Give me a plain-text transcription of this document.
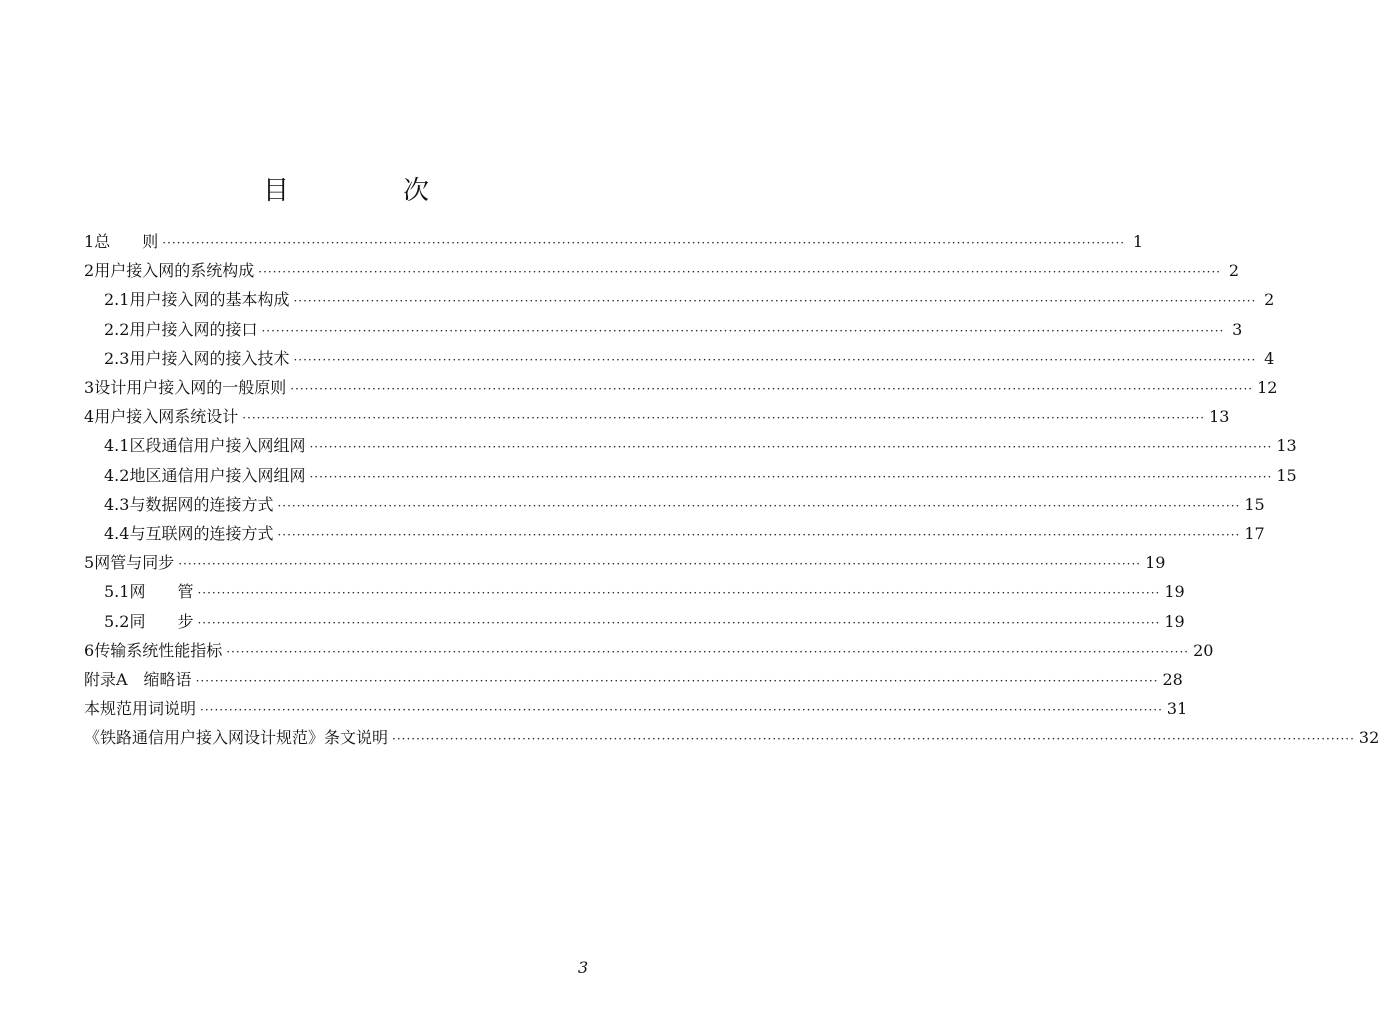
目　次
1 总　　则 ········································································································································································································ 1
2 用户接入网的系统构成 ········································································································································································································ 2
2.1 用户接入网的基本构成 ········································································································································································································ 2
2.2 用户接入网的接口 ········································································································································································································ 3
2.3 用户接入网的接入技术 ········································································································································································································ 4
3 设计用户接入网的一般原则 ········································································································································································································ 12
4 用户接入网系统设计 ········································································································································································································ 13
4.1 区段通信用户接入网组网 ········································································································································································································ 13
4.2 地区通信用户接入网组网 ········································································································································································································ 15
4.3 与数据网的连接方式 ········································································································································································································ 15
4.4 与互联网的连接方式 ········································································································································································································ 17
5 网管与同步 ········································································································································································································ 19
5.1 网　　管 ········································································································································································································ 19
5.2 同　　步 ········································································································································································································ 19
6 传输系统性能指标 ········································································································································································································ 20
附录A　缩略语 ········································································································································································································ 28
本规范用词说明 ········································································································································································································ 31
《铁路通信用户接入网设计规范》条文说明 ········································································································································································································ 32
3
